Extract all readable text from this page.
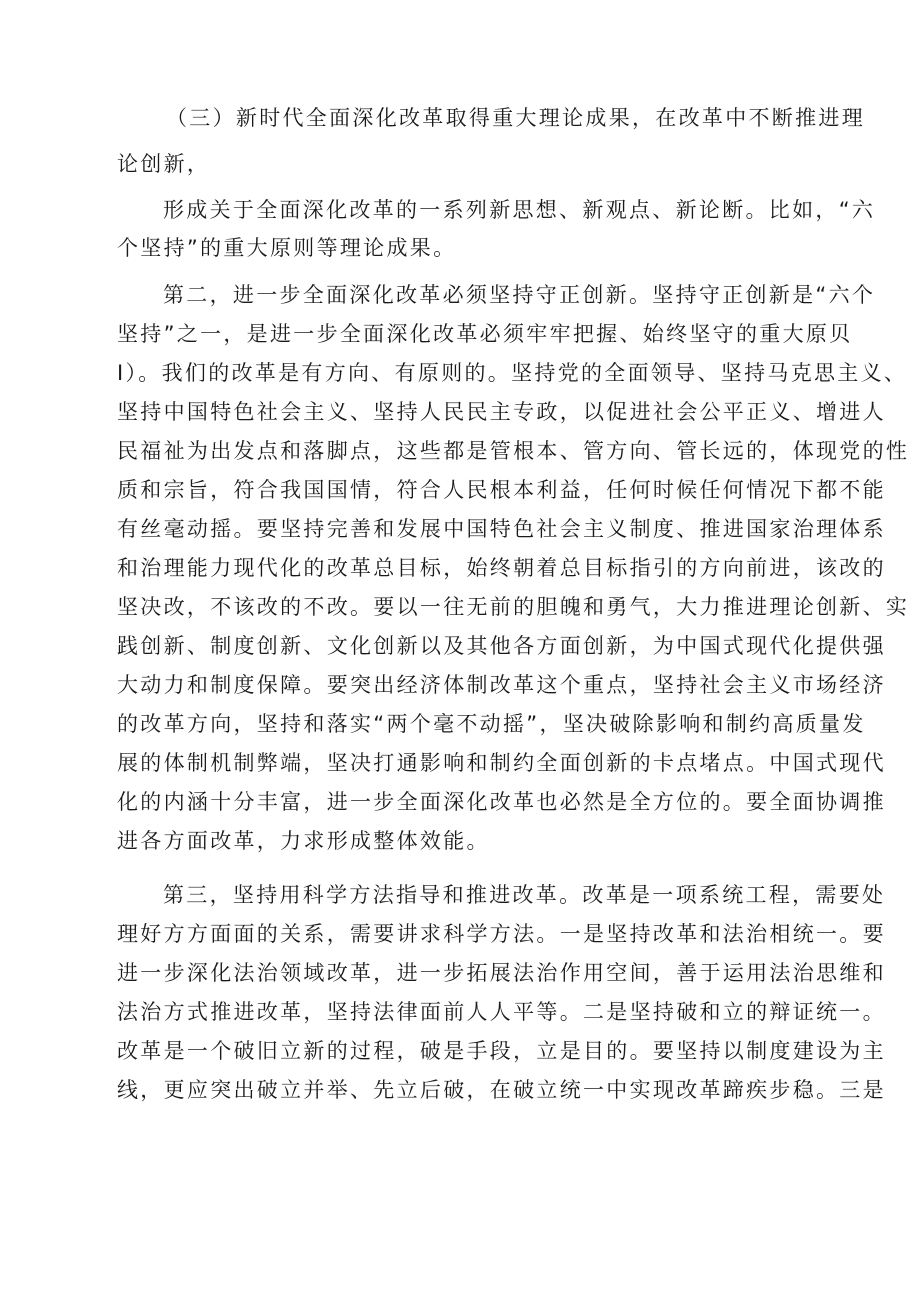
（三）新时代全面深化改革取得重大理论成果，在改革中不断推进理

论创新，

形成关于全面深化改革的一系列新思想、新观点、新论断。比如，“六

个坚持”的重大原则等理论成果。

第二，进一步全面深化改革必须坚持守正创新。坚持守正创新是“六个

坚持”之一，是进一步全面深化改革必须牢牢把握、始终坚守的重大原贝

I）。我们的改革是有方向、有原则的。坚持党的全面领导、坚持马克思主义、

坚持中国特色社会主义、坚持人民民主专政，以促进社会公平正义、增进人

民福祉为出发点和落脚点，这些都是管根本、管方向、管长远的，体现党的性

质和宗旨，符合我国国情，符合人民根本利益，任何时候任何情况下都不能

有丝毫动摇。要坚持完善和发展中国特色社会主义制度、推进国家治理体系

和治理能力现代化的改革总目标，始终朝着总目标指引的方向前进，该改的

坚决改，不该改的不改。要以一往无前的胆魄和勇气，大力推进理论创新、实

践创新、制度创新、文化创新以及其他各方面创新，为中国式现代化提供强

大动力和制度保障。要突出经济体制改革这个重点，坚持社会主义市场经济

的改革方向，坚持和落实“两个毫不动摇”，坚决破除影响和制约高质量发

展的体制机制弊端，坚决打通影响和制约全面创新的卡点堵点。中国式现代

化的内涵十分丰富，进一步全面深化改革也必然是全方位的。要全面协调推

进各方面改革，力求形成整体效能。

第三，坚持用科学方法指导和推进改革。改革是一项系统工程，需要处

理好方方面面的关系，需要讲求科学方法。一是坚持改革和法治相统一。要

进一步深化法治领域改革，进一步拓展法治作用空间，善于运用法治思维和

法治方式推进改革，坚持法律面前人人平等。二是坚持破和立的辩证统一。

改革是一个破旧立新的过程，破是手段，立是目的。要坚持以制度建设为主

线，更应突出破立并举、先立后破，在破立统一中实现改革蹄疾步稳。三是
